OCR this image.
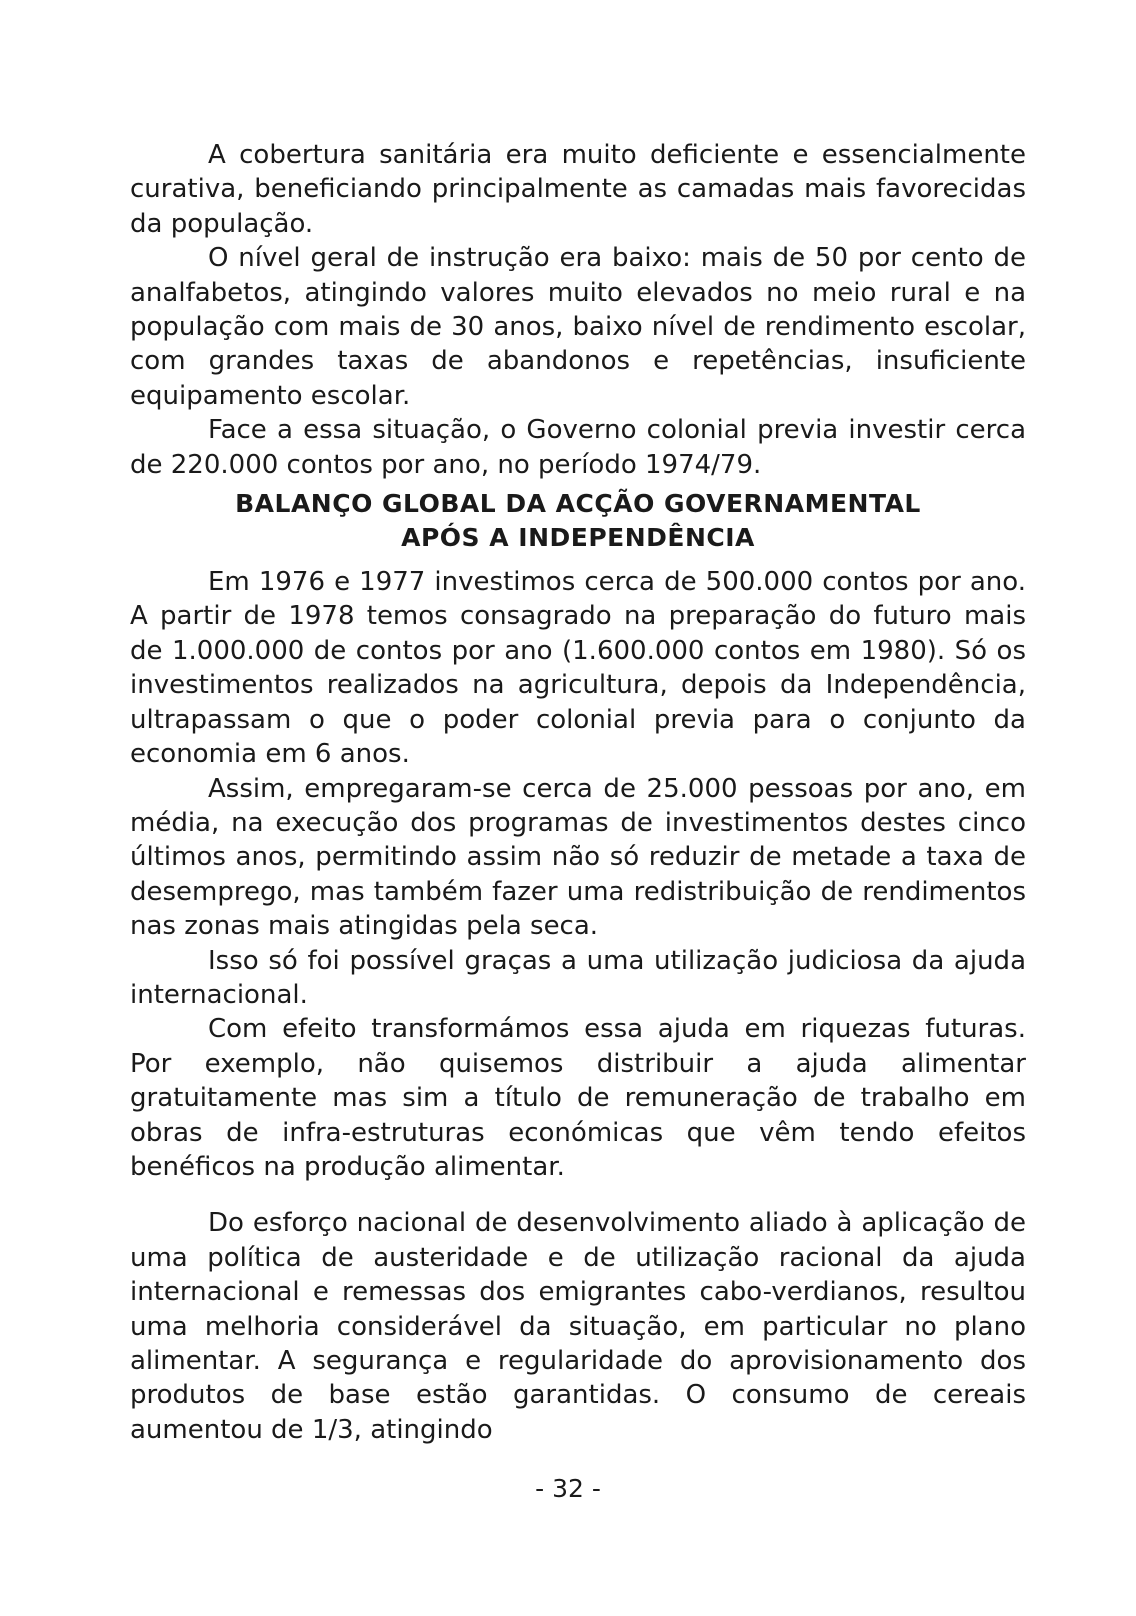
A cobertura sanitária era muito deficiente e essencialmente curativa, beneficiando principalmente as camadas mais favorecidas da população.

O nível geral de instrução era baixo: mais de 50 por cento de analfabetos, atingindo valores muito elevados no meio rural e na população com mais de 30 anos, baixo nível de rendimento escolar, com grandes taxas de abandonos e repetências, insuficiente equipamento escolar.

Face a essa situação, o Governo colonial previa investir cerca de 220.000 contos por ano, no período 1974/79.

BALANÇO GLOBAL DA ACÇÃO GOVERNAMENTAL
APÓS A INDEPENDÊNCIA

Em 1976 e 1977 investimos cerca de 500.000 contos por ano. A partir de 1978 temos consagrado na preparação do futuro mais de 1.000.000 de contos por ano (1.600.000 contos em 1980). Só os investimentos realizados na agricultura, depois da Independência, ultrapassam o que o poder colonial previa para o conjunto da economia em 6 anos.

Assim, empregaram-se cerca de 25.000 pessoas por ano, em média, na execução dos programas de investimentos destes cinco últimos anos, permitindo assim não só reduzir de metade a taxa de desemprego, mas também fazer uma redistribuição de rendimentos nas zonas mais atingidas pela seca.

Isso só foi possível graças a uma utilização judiciosa da ajuda internacional.

Com efeito transformámos essa ajuda em riquezas futuras. Por exemplo, não quisemos distribuir a ajuda alimentar gratuitamente mas sim a título de remuneração de trabalho em obras de infra-estruturas económicas que vêm tendo efeitos benéficos na produção alimentar.

Do esforço nacional de desenvolvimento aliado à aplicação de uma política de austeridade e de utilização racional da ajuda internacional e remessas dos emigrantes cabo-verdianos, resultou uma melhoria considerável da situação, em particular no plano alimentar. A segurança e regularidade do aprovisionamento dos produtos de base estão garantidas. O consumo de cereais aumentou de 1/3, atingindo

- 32 -
